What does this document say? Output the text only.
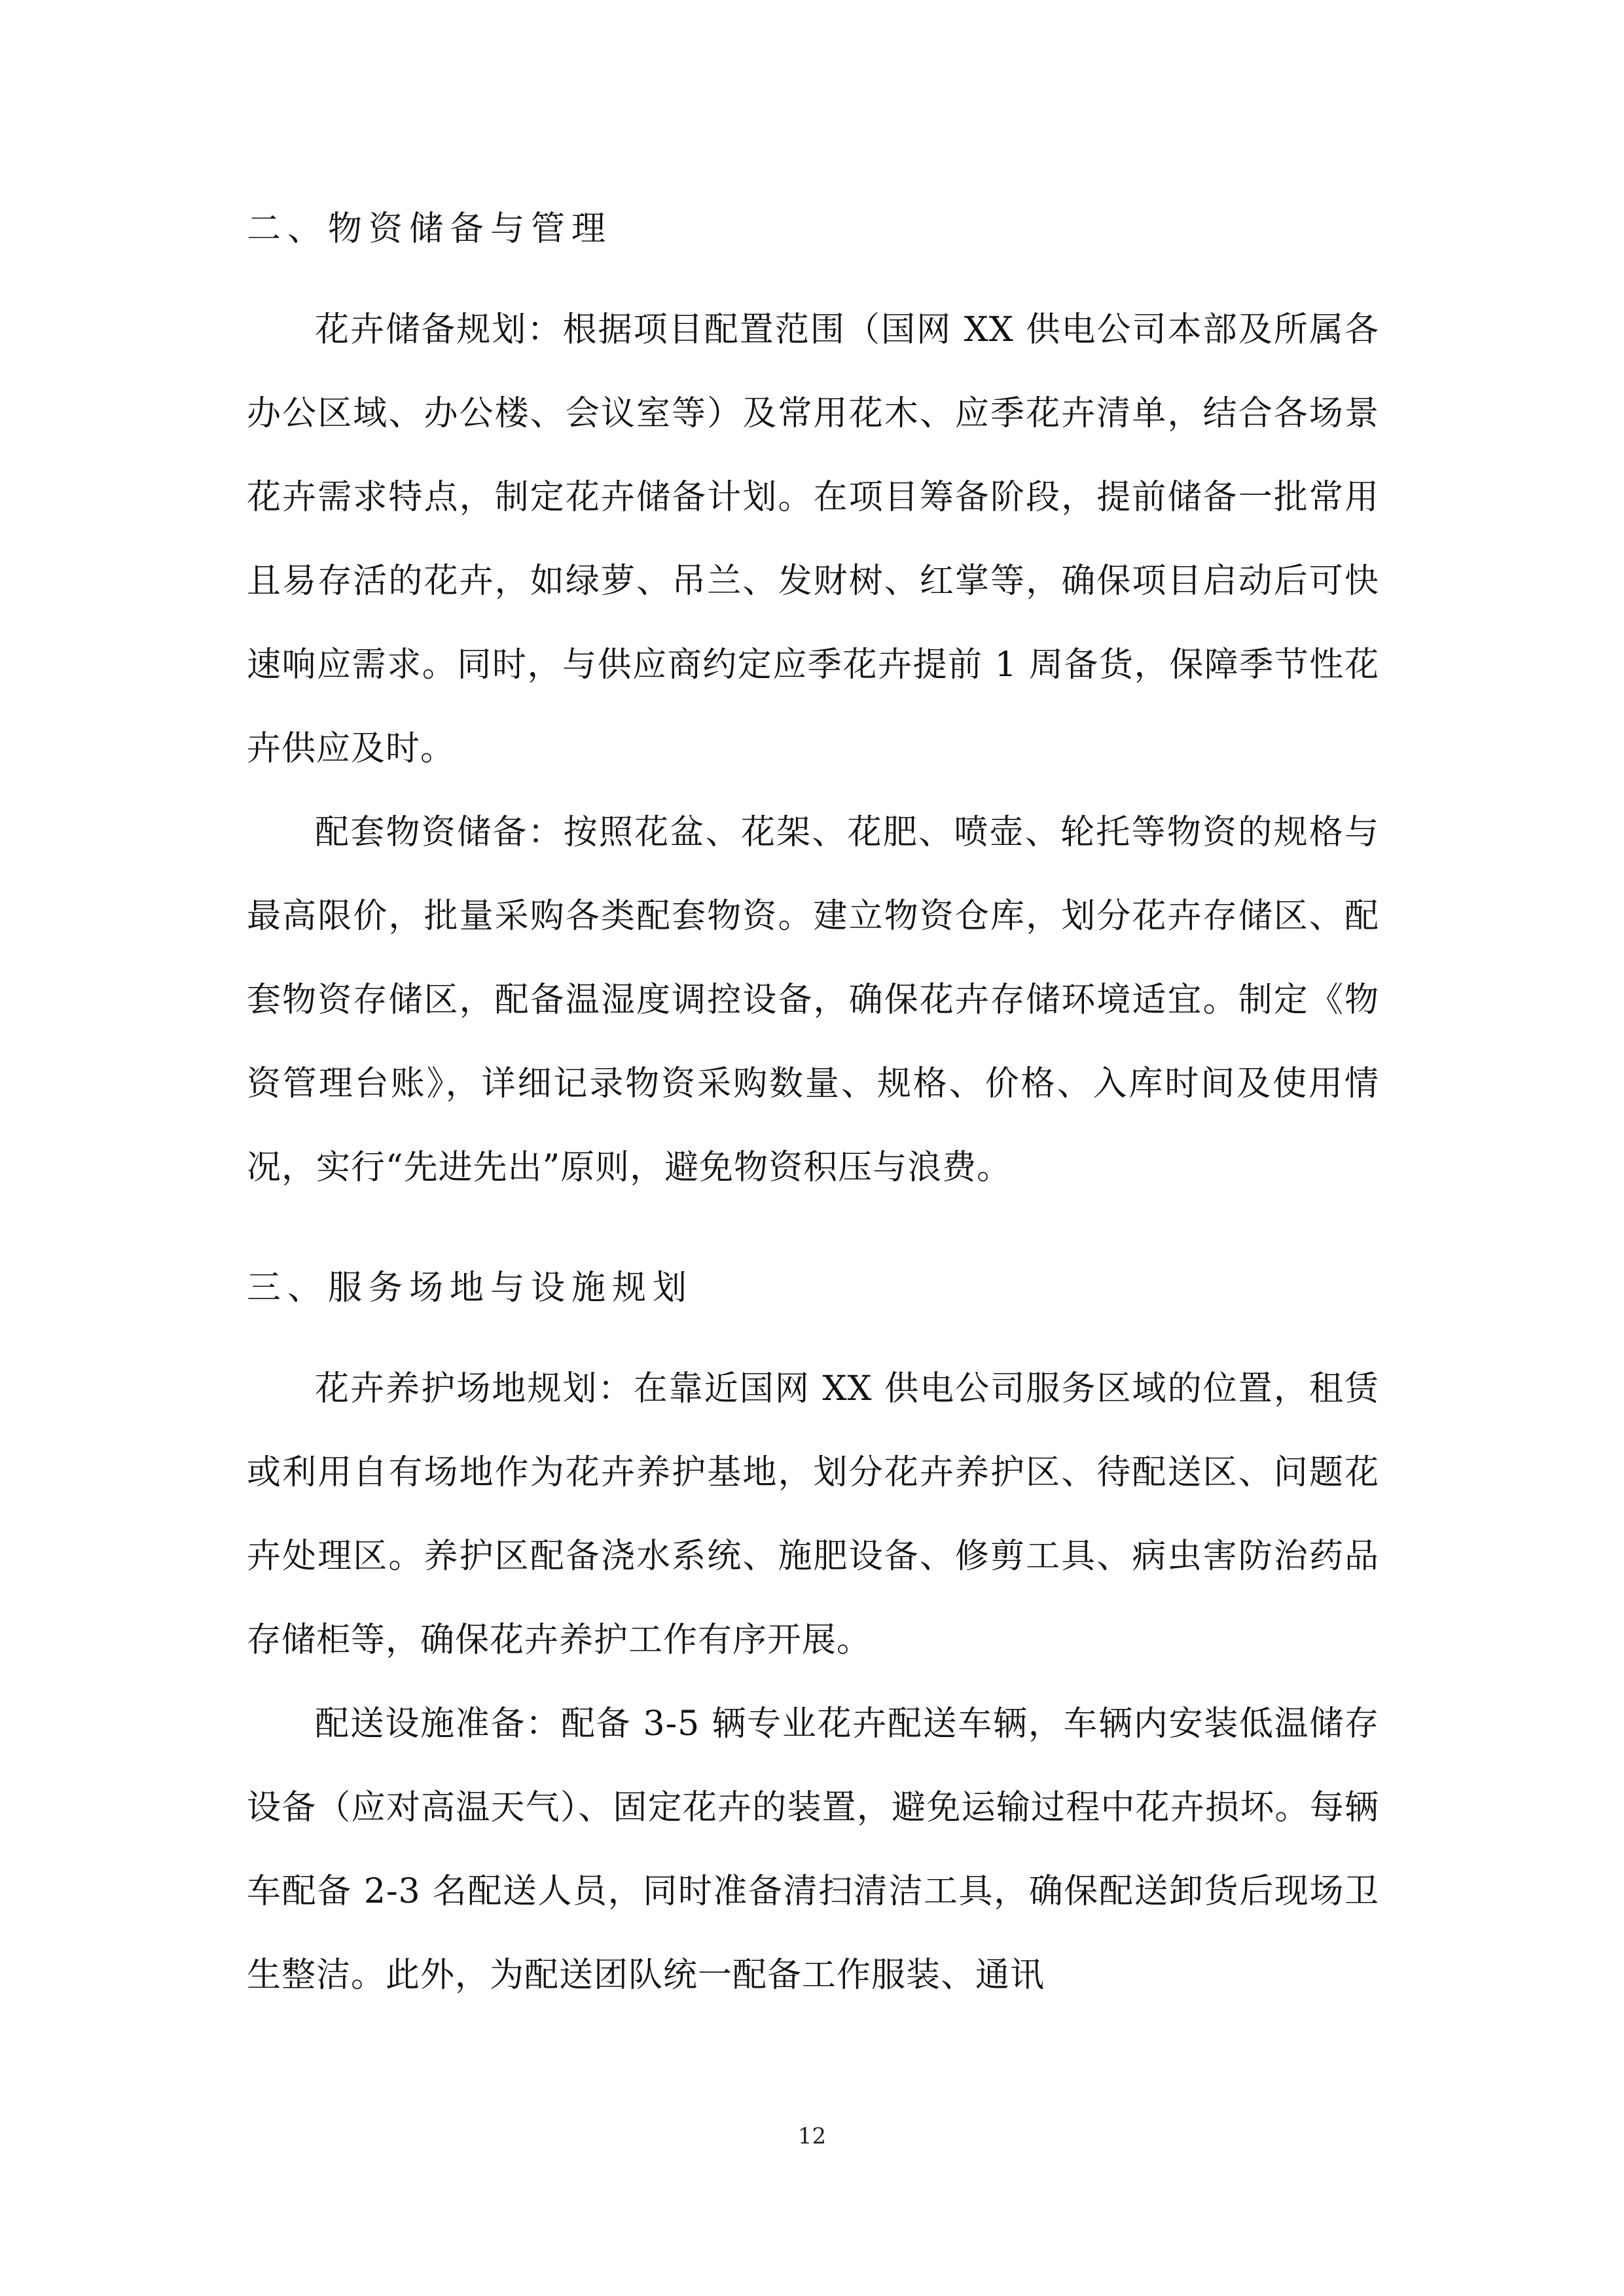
二、物资储备与管理

花卉储备规划：根据项目配置范围（国网 XX 供电公司本部及所属各办公区域、办公楼、会议室等）及常用花木、应季花卉清单，结合各场景花卉需求特点，制定花卉储备计划。在项目筹备阶段，提前储备一批常用且易存活的花卉，如绿萝、吊兰、发财树、红掌等，确保项目启动后可快速响应需求。同时，与供应商约定应季花卉提前 1 周备货，保障季节性花卉供应及时。

配套物资储备：按照花盆、花架、花肥、喷壶、轮托等物资的规格与最高限价，批量采购各类配套物资。建立物资仓库，划分花卉存储区、配套物资存储区，配备温湿度调控设备，确保花卉存储环境适宜。制定《物资管理台账》，详细记录物资采购数量、规格、价格、入库时间及使用情况，实行“先进先出”原则，避免物资积压与浪费。

三、服务场地与设施规划

花卉养护场地规划：在靠近国网 XX 供电公司服务区域的位置，租赁或利用自有场地作为花卉养护基地，划分花卉养护区、待配送区、问题花卉处理区。养护区配备浇水系统、施肥设备、修剪工具、病虫害防治药品存储柜等，确保花卉养护工作有序开展。

配送设施准备：配备 3-5 辆专业花卉配送车辆，车辆内安装低温储存设备（应对高温天气）、固定花卉的装置，避免运输过程中花卉损坏。每辆车配备 2-3 名配送人员，同时准备清扫清洁工具，确保配送卸货后现场卫生整洁。此外，为配送团队统一配备工作服装、通讯

12
